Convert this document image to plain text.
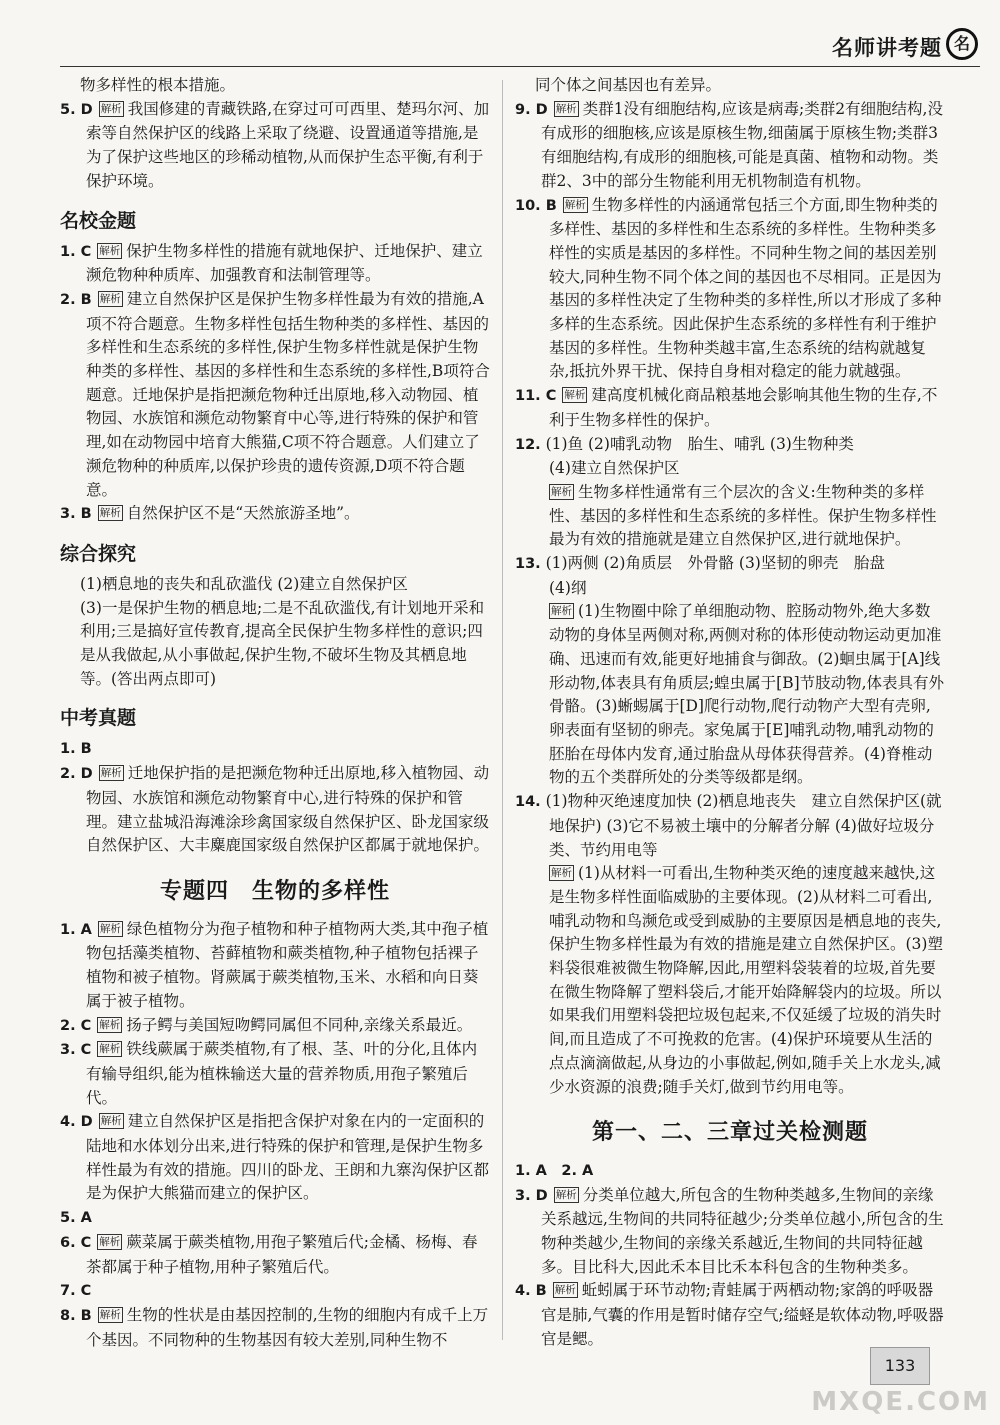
名师讲考题 名

物多样性的根本措施。

5. D 解析 我国修建的青藏铁路,在穿过可可西里、楚玛尔河、加索等自然保护区的线路上采取了绕避、设置通道等措施,是为了保护这些地区的珍稀动植物,从而保护生态平衡,有利于保护环境。

名校金题

1. C 解析 保护生物多样性的措施有就地保护、迁地保护、建立濒危物种种质库、加强教育和法制管理等。

2. B 解析 建立自然保护区是保护生物多样性最为有效的措施,A项不符合题意。生物多样性包括生物种类的多样性、基因的多样性和生态系统的多样性,保护生物多样性就是保护生物种类的多样性、基因的多样性和生态系统的多样性,B项符合题意。迁地保护是指把濒危物种迁出原地,移入动物园、植物园、水族馆和濒危动物繁育中心等,进行特殊的保护和管理,如在动物园中培育大熊猫,C项不符合题意。人们建立了濒危物种的种质库,以保护珍贵的遗传资源,D项不符合题意。

3. B 解析 自然保护区不是“天然旅游圣地”。

综合探究

(1)栖息地的丧失和乱砍滥伐 (2)建立自然保护区

(3)一是保护生物的栖息地;二是不乱砍滥伐,有计划地开采和利用;三是搞好宣传教育,提高全民保护生物多样性的意识;四是从我做起,从小事做起,保护生物,不破坏生物及其栖息地等。(答出两点即可)

中考真题

1. B

2. D 解析 迁地保护指的是把濒危物种迁出原地,移入植物园、动物园、水族馆和濒危动物繁育中心,进行特殊的保护和管理。建立盐城沿海滩涂珍禽国家级自然保护区、卧龙国家级自然保护区、大丰麋鹿国家级自然保护区都属于就地保护。

专题四　生物的多样性

1. A 解析 绿色植物分为孢子植物和种子植物两大类,其中孢子植物包括藻类植物、苔藓植物和蕨类植物,种子植物包括裸子植物和被子植物。肾蕨属于蕨类植物,玉米、水稻和向日葵属于被子植物。

2. C 解析 扬子鳄与美国短吻鳄同属但不同种,亲缘关系最近。

3. C 解析 铁线蕨属于蕨类植物,有了根、茎、叶的分化,且体内有输导组织,能为植株输送大量的营养物质,用孢子繁殖后代。

4. D 解析 建立自然保护区是指把含保护对象在内的一定面积的陆地和水体划分出来,进行特殊的保护和管理,是保护生物多样性最为有效的措施。四川的卧龙、王朗和九寨沟保护区都是为保护大熊猫而建立的保护区。

5. A

6. C 解析 蕨菜属于蕨类植物,用孢子繁殖后代;金橘、杨梅、春茶都属于种子植物,用种子繁殖后代。

7. C

8. B 解析 生物的性状是由基因控制的,生物的细胞内有成千上万个基因。不同物种的生物基因有较大差别,同种生物不

同个体之间基因也有差异。

9. D 解析 类群1没有细胞结构,应该是病毒;类群2有细胞结构,没有成形的细胞核,应该是原核生物,细菌属于原核生物;类群3有细胞结构,有成形的细胞核,可能是真菌、植物和动物。类群2、3中的部分生物能利用无机物制造有机物。

10. B 解析 生物多样性的内涵通常包括三个方面,即生物种类的多样性、基因的多样性和生态系统的多样性。生物种类多样性的实质是基因的多样性。不同种生物之间的基因差别较大,同种生物不同个体之间的基因也不尽相同。正是因为基因的多样性决定了生物种类的多样性,所以才形成了多种多样的生态系统。因此保护生态系统的多样性有利于维护基因的多样性。生物种类越丰富,生态系统的结构就越复杂,抵抗外界干扰、保持自身相对稳定的能力就越强。

11. C 解析 建高度机械化商品粮基地会影响其他生物的生存,不利于生物多样性的保护。

12. (1)鱼 (2)哺乳动物　胎生、哺乳 (3)生物种类

(4)建立自然保护区

解析 生物多样性通常有三个层次的含义:生物种类的多样性、基因的多样性和生态系统的多样性。保护生物多样性最为有效的措施就是建立自然保护区,进行就地保护。

13. (1)两侧 (2)角质层　外骨骼 (3)坚韧的卵壳　胎盘

(4)纲

解析 (1)生物圈中除了单细胞动物、腔肠动物外,绝大多数动物的身体呈两侧对称,两侧对称的体形使动物运动更加准确、迅速而有效,能更好地捕食与御敌。(2)蛔虫属于[A]线形动物,体表具有角质层;蝗虫属于[B]节肢动物,体表具有外骨骼。(3)蜥蜴属于[D]爬行动物,爬行动物产大型有壳卵,卵表面有坚韧的卵壳。家兔属于[E]哺乳动物,哺乳动物的胚胎在母体内发育,通过胎盘从母体获得营养。(4)脊椎动物的五个类群所处的分类等级都是纲。

14. (1)物种灭绝速度加快 (2)栖息地丧失　建立自然保护区(就地保护) (3)它不易被土壤中的分解者分解 (4)做好垃圾分类、节约用电等

解析 (1)从材料一可看出,生物种类灭绝的速度越来越快,这是生物多样性面临威胁的主要体现。(2)从材料二可看出,哺乳动物和鸟濒危或受到威胁的主要原因是栖息地的丧失,保护生物多样性最为有效的措施是建立自然保护区。(3)塑料袋很难被微生物降解,因此,用塑料袋装着的垃圾,首先要在微生物降解了塑料袋后,才能开始降解袋内的垃圾。所以如果我们用塑料袋把垃圾包起来,不仅延缓了垃圾的消失时间,而且造成了不可挽救的危害。(4)保护环境要从生活的点点滴滴做起,从身边的小事做起,例如,随手关上水龙头,减少水资源的浪费;随手关灯,做到节约用电等。

第一、二、三章过关检测题

1. A　2. A

3. D 解析 分类单位越大,所包含的生物种类越多,生物间的亲缘关系越远,生物间的共同特征越少;分类单位越小,所包含的生物种类越少,生物间的亲缘关系越近,生物间的共同特征越多。目比科大,因此禾本目比禾本科包含的生物种类多。

4. B 解析 蚯蚓属于环节动物;青蛙属于两栖动物;家鸽的呼吸器官是肺,气囊的作用是暂时储存空气;缢蛏是软体动物,呼吸器官是鳃。

133
MXQE.COM
